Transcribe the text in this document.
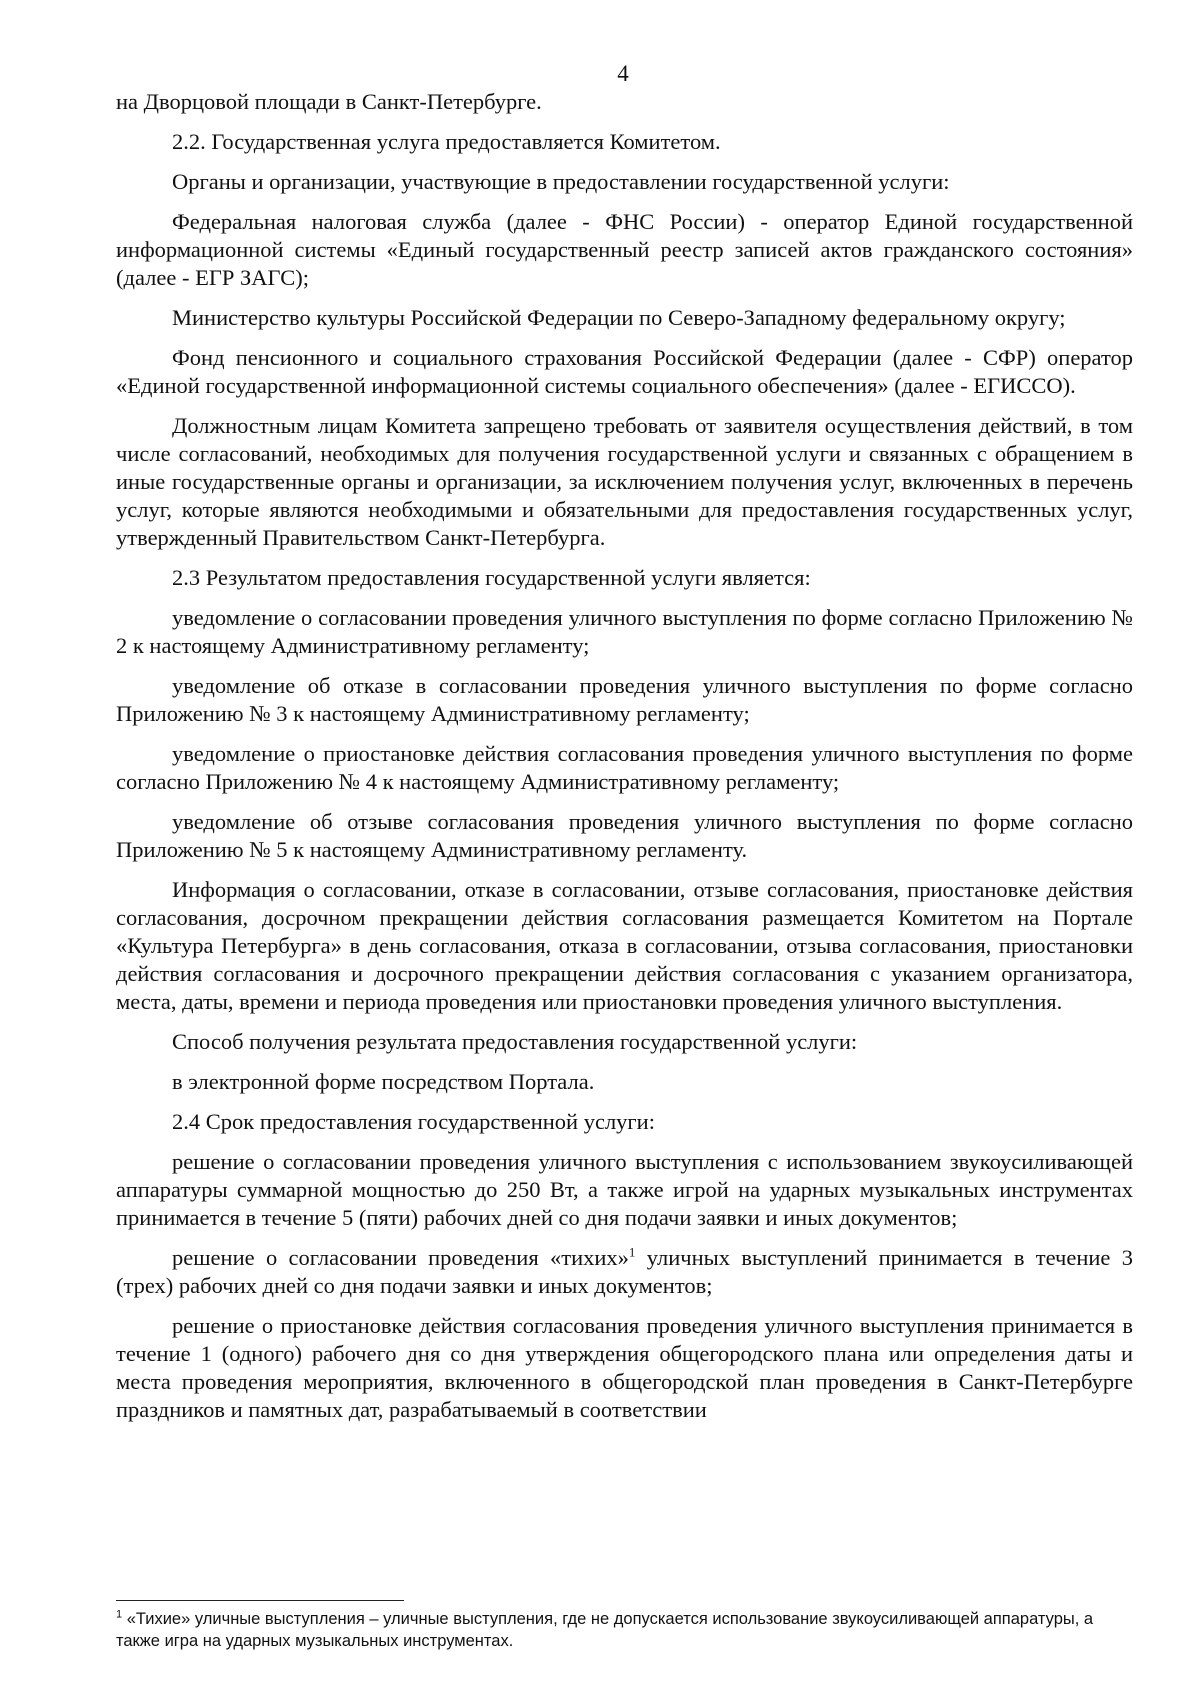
4

на Дворцовой площади в Санкт-Петербурге.

2.2. Государственная услуга предоставляется Комитетом.

Органы и организации, участвующие в предоставлении государственной услуги:

Федеральная налоговая служба (далее - ФНС России) - оператор Единой государственной информационной системы «Единый государственный реестр записей актов гражданского состояния» (далее - ЕГР ЗАГС);

Министерство культуры Российской Федерации по Северо-Западному федеральному округу;

Фонд пенсионного и социального страхования Российской Федерации (далее - СФР) оператор «Единой государственной информационной системы социального обеспечения» (далее - ЕГИССО).

Должностным лицам Комитета запрещено требовать от заявителя осуществления действий, в том числе согласований, необходимых для получения государственной услуги и связанных с обращением в иные государственные органы и организации, за исключением получения услуг, включенных в перечень услуг, которые являются необходимыми и обязательными для предоставления государственных услуг, утвержденный Правительством Санкт-Петербурга.

2.3 Результатом предоставления государственной услуги является:

уведомление о согласовании проведения уличного выступления по форме согласно Приложению № 2 к настоящему Административному регламенту;

уведомление об отказе в согласовании проведения уличного выступления по форме согласно Приложению № 3 к настоящему Административному регламенту;

уведомление о приостановке действия согласования проведения уличного выступления по форме согласно Приложению № 4 к настоящему Административному регламенту;

уведомление об отзыве согласования проведения уличного выступления по форме согласно Приложению № 5 к настоящему Административному регламенту.

Информация о согласовании, отказе в согласовании, отзыве согласования, приостановке действия согласования, досрочном прекращении действия согласования размещается Комитетом на Портале «Культура Петербурга» в день согласования, отказа в согласовании, отзыва согласования, приостановки действия согласования и досрочного прекращении действия согласования с указанием организатора, места, даты, времени и периода проведения или приостановки проведения уличного выступления.

Способ получения результата предоставления государственной услуги:

в электронной форме посредством Портала.

2.4 Срок предоставления государственной услуги:

решение о согласовании проведения уличного выступления с использованием звукоусиливающей аппаратуры суммарной мощностью до 250 Вт, а также игрой на ударных музыкальных инструментах принимается в течение 5 (пяти) рабочих дней со дня подачи заявки и иных документов;

решение о согласовании проведения «тихих»$^1$ уличных выступлений принимается в течение 3 (трех) рабочих дней со дня подачи заявки и иных документов;

решение о приостановке действия согласования проведения уличного выступления принимается в течение 1 (одного) рабочего дня со дня утверждения общегородского плана или определения даты и места проведения мероприятия, включенного в общегородской план проведения в Санкт-Петербурге праздников и памятных дат, разрабатываемый в соответствии

$^1$ «Тихие» уличные выступления – уличные выступления, где не допускается использование звукоусиливающей аппаратуры, а также игра на ударных музыкальных инструментах.
